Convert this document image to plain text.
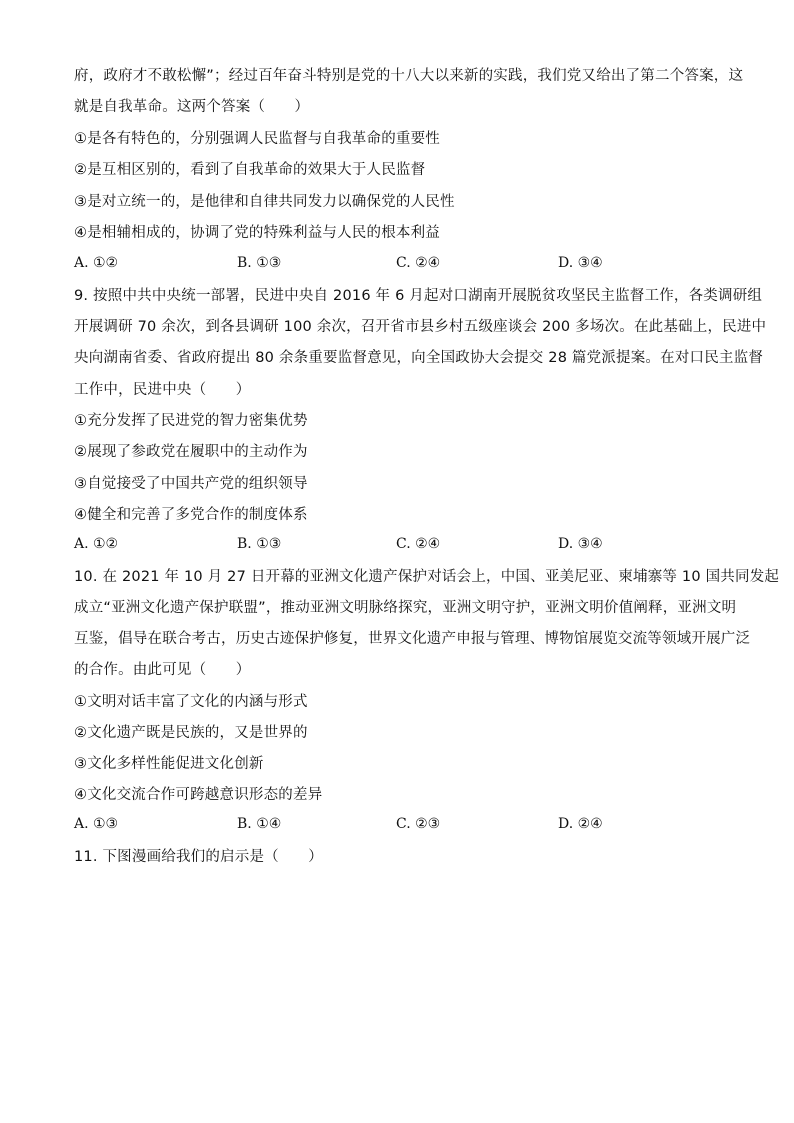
府，政府才不敢松懈”；经过百年奋斗特别是党的十八大以来新的实践，我们党又给出了第二个答案，这
就是自我革命。这两个答案（　　）
①是各有特色的，分别强调人民监督与自我革命的重要性
②是互相区别的，看到了自我革命的效果大于人民监督
③是对立统一的，是他律和自律共同发力以确保党的人民性
④是相辅相成的，协调了党的特殊利益与人民的根本利益
A. ①②	B. ①③	C. ②④	D. ③④
9. 按照中共中央统一部署，民进中央自 2016 年 6 月起对口湖南开展脱贫攻坚民主监督工作，各类调研组
开展调研 70 余次，到各县调研 100 余次，召开省市县乡村五级座谈会 200 多场次。在此基础上，民进中
央向湖南省委、省政府提出 80 余条重要监督意见，向全国政协大会提交 28 篇党派提案。在对口民主监督
工作中，民进中央（　　）
①充分发挥了民进党的智力密集优势
②展现了参政党在履职中的主动作为
③自觉接受了中国共产党的组织领导
④健全和完善了多党合作的制度体系
A. ①②	B. ①③	C. ②④	D. ③④
10. 在 2021 年 10 月 27 日开幕的亚洲文化遗产保护对话会上，中国、亚美尼亚、柬埔寨等 10 国共同发起
成立“亚洲文化遗产保护联盟”，推动亚洲文明脉络探究，亚洲文明守护，亚洲文明价值阐释，亚洲文明
互鉴，倡导在联合考古，历史古迹保护修复，世界文化遗产申报与管理、博物馆展览交流等领域开展广泛
的合作。由此可见（　　）
①文明对话丰富了文化的内涵与形式
②文化遗产既是民族的，又是世界的
③文化多样性能促进文化创新
④文化交流合作可跨越意识形态的差异
A. ①③	B. ①④	C. ②③	D. ②④
11. 下图漫画给我们的启示是（　　）
